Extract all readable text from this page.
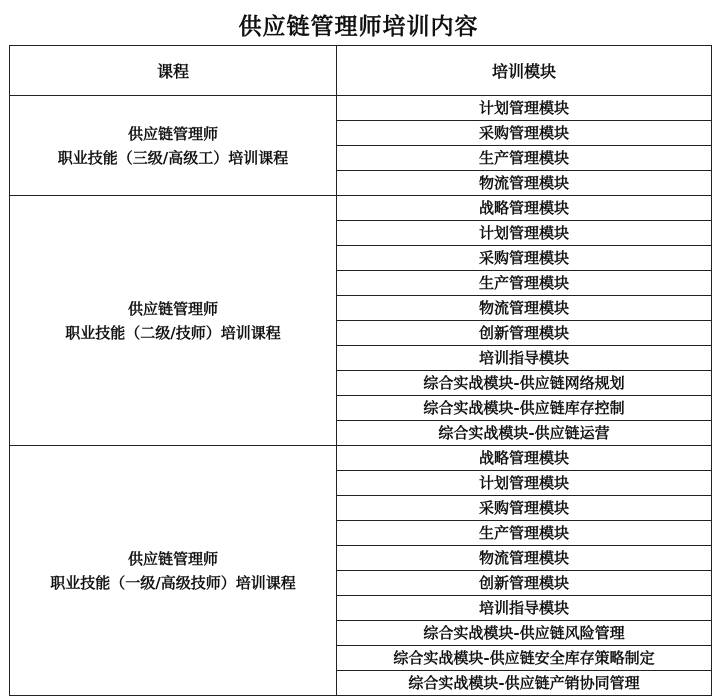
供应链管理师培训内容
课程	培训模块

供应链管理师
职业技能（三级/高级工）培训课程	计划管理模块
	采购管理模块
	生产管理模块
	物流管理模块

供应链管理师
职业技能（二级/技师）培训课程	战略管理模块
	计划管理模块
	采购管理模块
	生产管理模块
	物流管理模块
	创新管理模块
	培训指导模块
	综合实战模块-供应链网络规划
	综合实战模块-供应链库存控制
	综合实战模块-供应链运营

供应链管理师
职业技能（一级/高级技师）培训课程	战略管理模块
	计划管理模块
	采购管理模块
	生产管理模块
	物流管理模块
	创新管理模块
	培训指导模块
	综合实战模块-供应链风险管理
	综合实战模块-供应链安全库存策略制定
	综合实战模块-供应链产销协同管理
